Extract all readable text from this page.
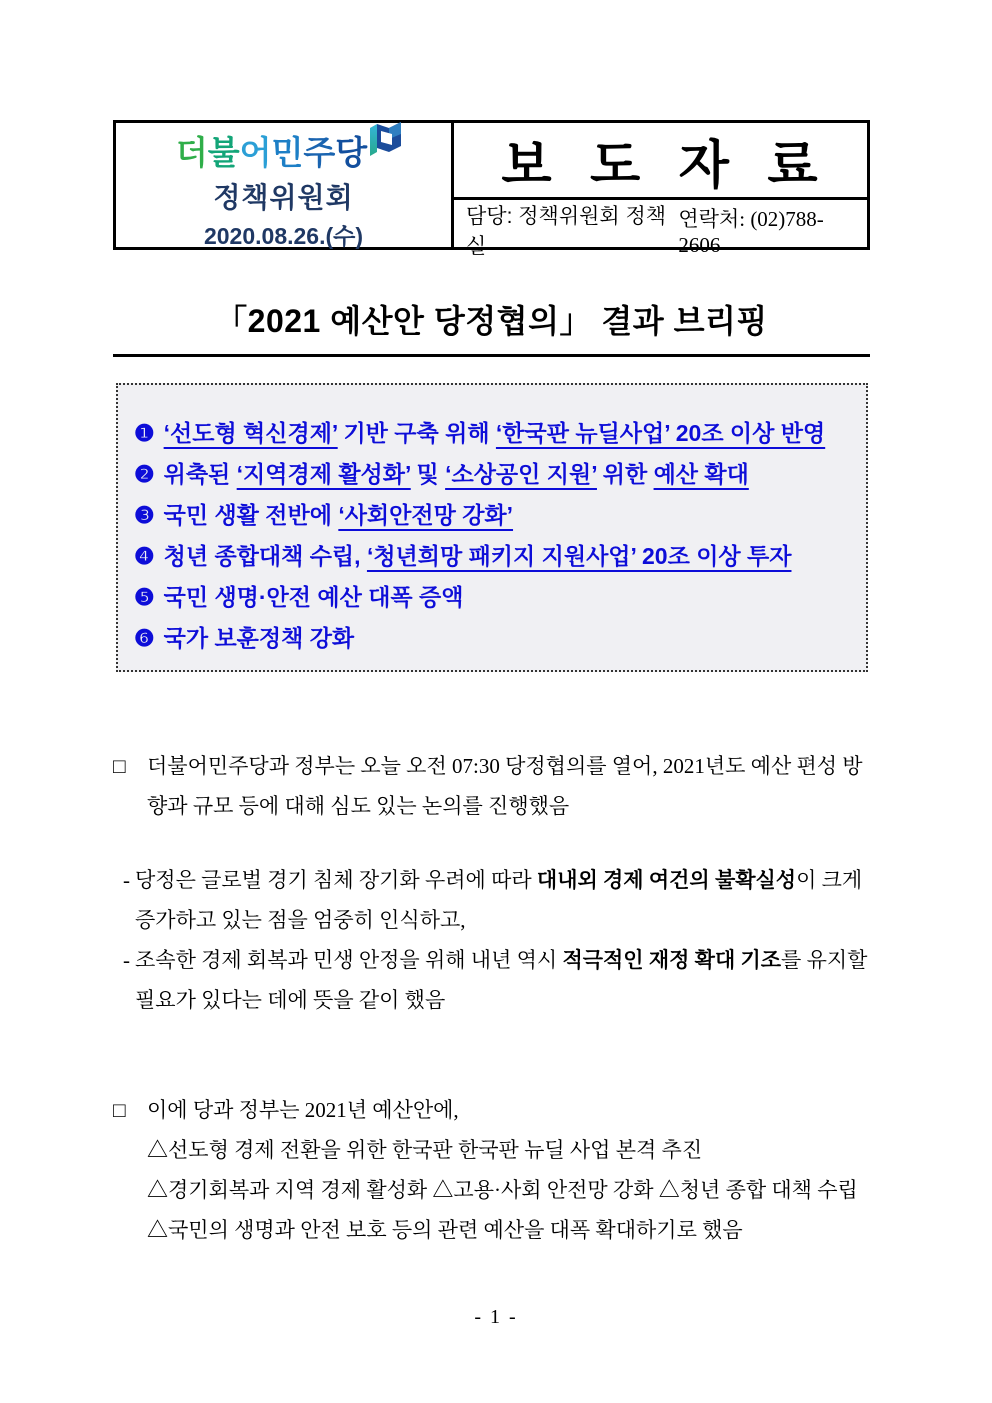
더불어민주당
정책위원회
2020.08.26.(수)
보 도 자 료
담당: 정책위원회 정책실
연락처: (02)788-2606
「2021 예산안 당정협의」 결과 브리핑
❶ ‘선도형 혁신경제’ 기반 구축 위해 ‘한국판 뉴딜사업’ 20조 이상 반영
❷ 위축된 ‘지역경제 활성화’ 및 ‘소상공인 지원’ 위한 예산 확대
❸ 국민 생활 전반에 ‘사회안전망 강화’
❹ 청년 종합대책 수립, ‘청년희망 패키지 지원사업’ 20조 이상 투자
❺ 국민 생명·안전 예산 대폭 증액
❻ 국가 보훈정책 강화
□	더불어민주당과 정부는 오늘 오전 07:30 당정협의를 열어, 2021년도 예산 편성 방향과 규모 등에 대해 심도 있는 논의를 진행했음
- 당정은 글로벌 경기 침체 장기화 우려에 따라 대내외 경제 여건의 불확실성이 크게 증가하고 있는 점을 엄중히 인식하고,
- 조속한 경제 회복과 민생 안정을 위해 내년 역시 적극적인 재정 확대 기조를 유지할 필요가 있다는 데에 뜻을 같이 했음
□	이에 당과 정부는 2021년 예산안에,
△선도형 경제 전환을 위한 한국판 한국판 뉴딜 사업 본격 추진
△경기회복과 지역 경제 활성화 △고용·사회 안전망 강화 △청년 종합 대책 수립
△국민의 생명과 안전 보호 등의 관련 예산을 대폭 확대하기로 했음
- 1 -
